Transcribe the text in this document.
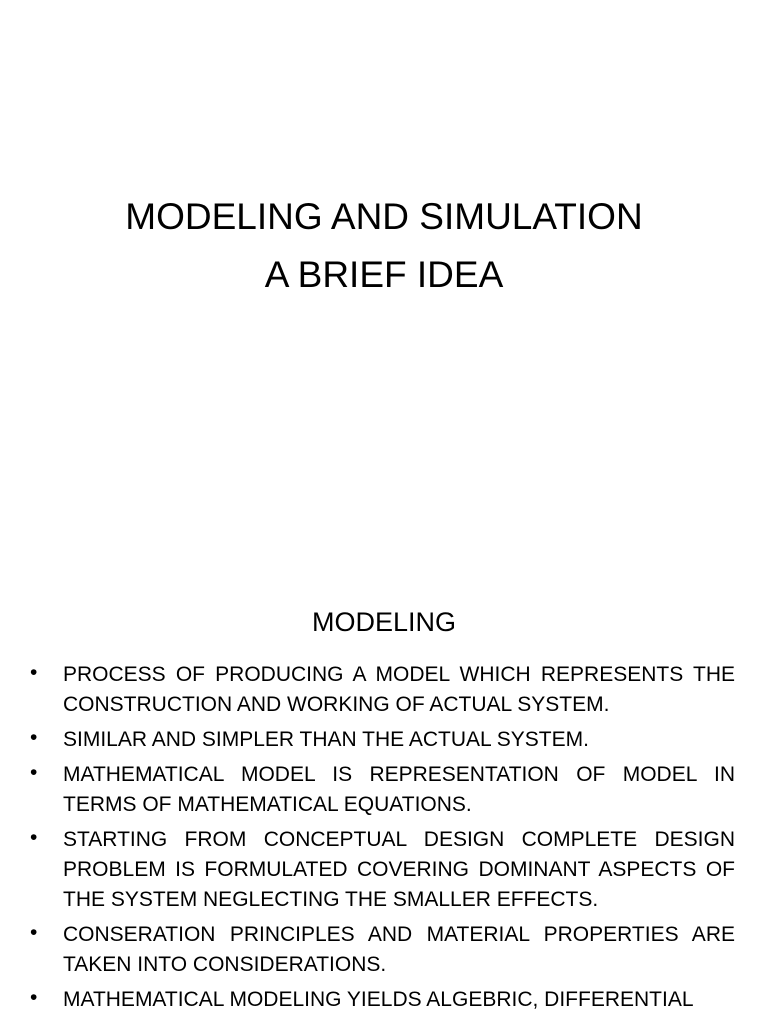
MODELING AND SIMULATION
A BRIEF IDEA
MODELING
•	PROCESS OF PRODUCING A MODEL WHICH REPRESENTS THE CONSTRUCTION AND WORKING OF ACTUAL SYSTEM.
•	SIMILAR AND SIMPLER THAN THE ACTUAL SYSTEM.
•	MATHEMATICAL MODEL IS REPRESENTATION OF MODEL IN TERMS OF MATHEMATICAL EQUATIONS.
•	STARTING FROM CONCEPTUAL DESIGN COMPLETE DESIGN PROBLEM IS FORMULATED COVERING DOMINANT ASPECTS OF THE SYSTEM NEGLECTING THE SMALLER EFFECTS.
•	CONSERATION PRINCIPLES AND MATERIAL PROPERTIES ARE TAKEN INTO CONSIDERATIONS.
•	MATHEMATICAL MODELING YIELDS ALGEBRIC, DIFFERENTIAL
